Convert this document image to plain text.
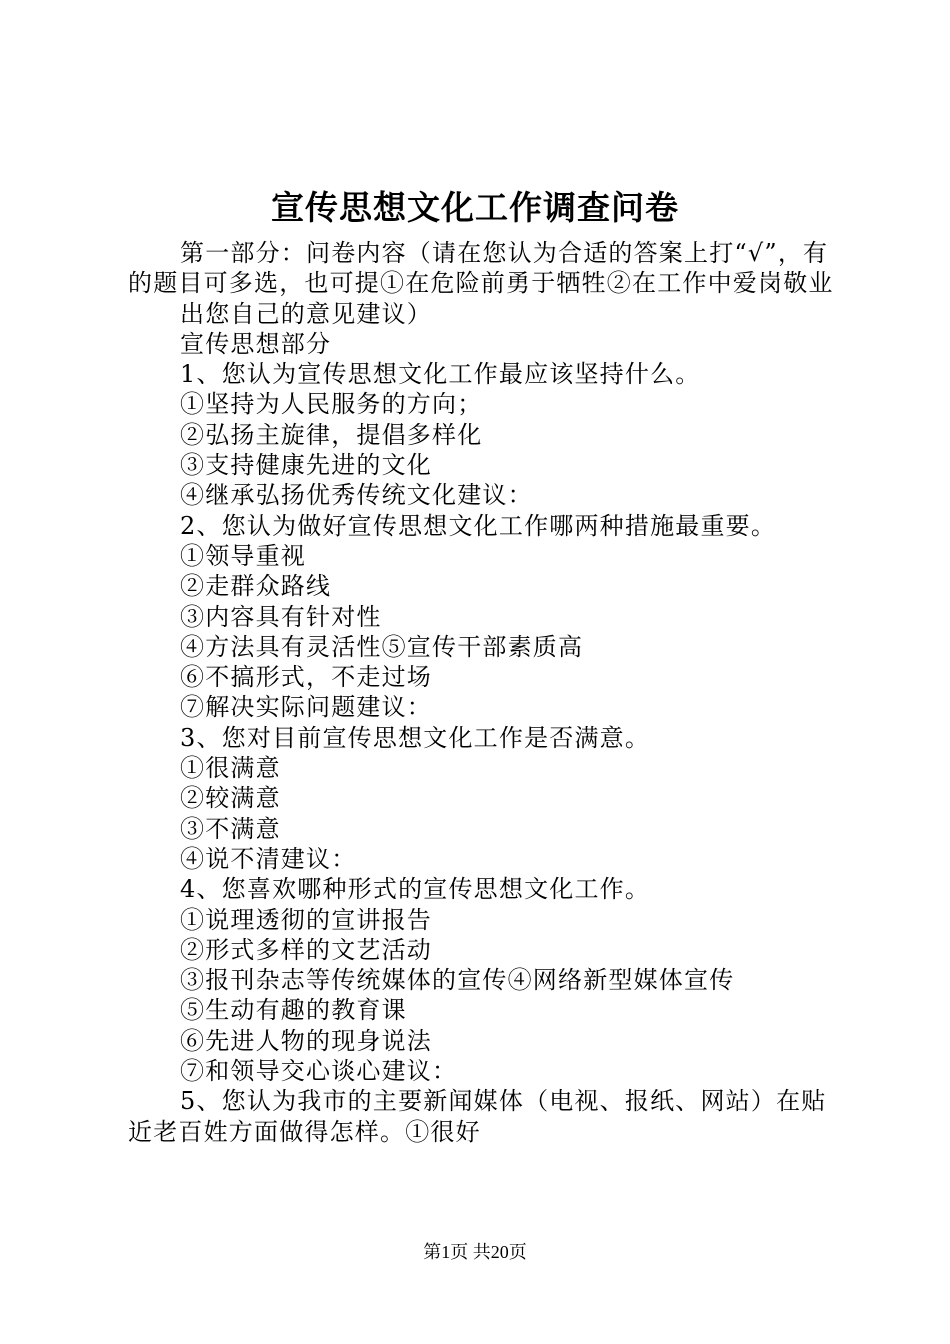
宣传思想文化工作调查问卷

第一部分：问卷内容（请在您认为合适的答案上打“√”，有的题目可多选，也可提①在危险前勇于牺牲②在工作中爱岗敬业

出您自己的意见建议）

宣传思想部分

1、您认为宣传思想文化工作最应该坚持什么。

①坚持为人民服务的方向；

②弘扬主旋律，提倡多样化

③支持健康先进的文化

④继承弘扬优秀传统文化建议：

2、您认为做好宣传思想文化工作哪两种措施最重要。

①领导重视

②走群众路线

③内容具有针对性

④方法具有灵活性⑤宣传干部素质高

⑥不搞形式，不走过场

⑦解决实际问题建议：

3、您对目前宣传思想文化工作是否满意。

①很满意

②较满意

③不满意

④说不清建议：

4、您喜欢哪种形式的宣传思想文化工作。

①说理透彻的宣讲报告

②形式多样的文艺活动

③报刊杂志等传统媒体的宣传④网络新型媒体宣传

⑤生动有趣的教育课

⑥先进人物的现身说法

⑦和领导交心谈心建议：

5、您认为我市的主要新闻媒体（电视、报纸、网站）在贴近老百姓方面做得怎样。①很好

第1页 共20页
